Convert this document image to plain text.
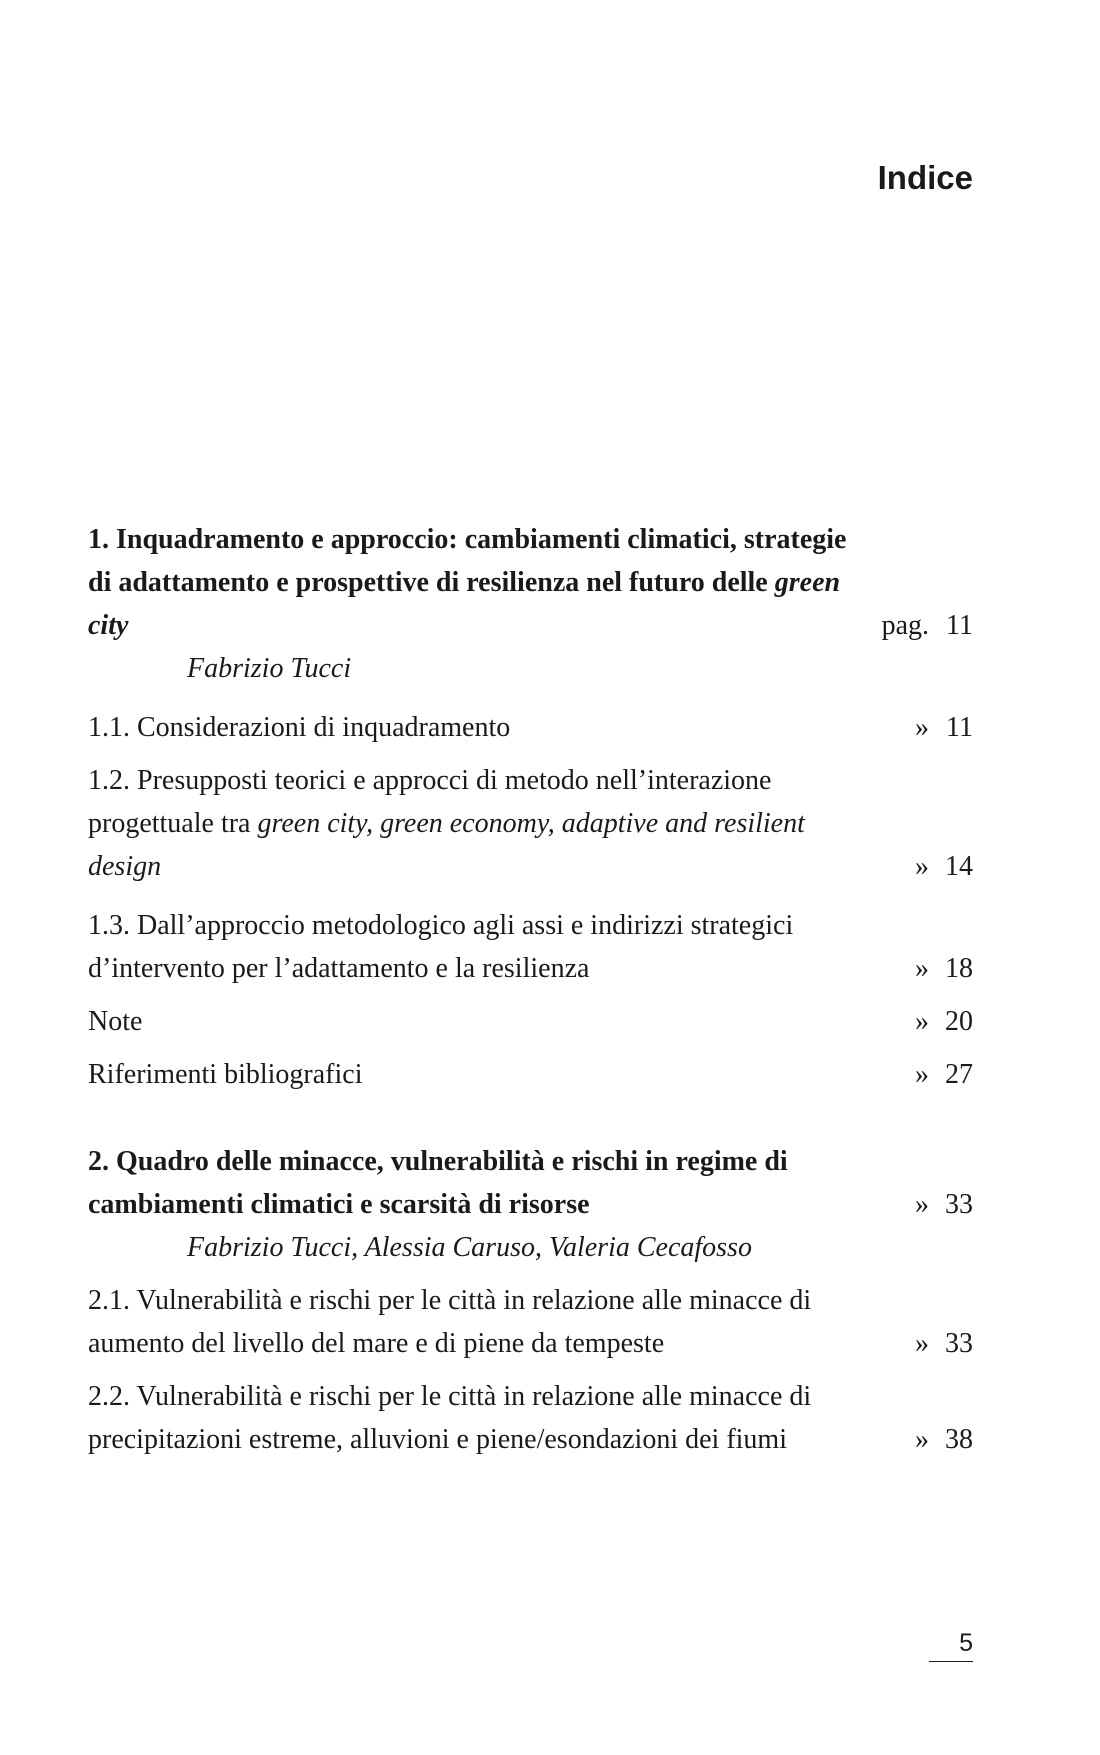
Indice
1. Inquadramento e approccio: cambiamenti climatici, strategie di adattamento e prospettive di resilienza nel futuro delle green city	pag. 11
Fabrizio Tucci
1.1. Considerazioni di inquadramento	» 11
1.2. Presupposti teorici e approcci di metodo nell’interazione progettuale tra green city, green economy, adaptive and resilient design	» 14
1.3. Dall’approccio metodologico agli assi e indirizzi strategici d’intervento per l’adattamento e la resilienza	» 18
Note	» 20
Riferimenti bibliografici	» 27
2. Quadro delle minacce, vulnerabilità e rischi in regime di cambiamenti climatici e scarsità di risorse	» 33
Fabrizio Tucci, Alessia Caruso, Valeria Cecafosso
2.1. Vulnerabilità e rischi per le città in relazione alle minacce di aumento del livello del mare e di piene da tempeste	» 33
2.2. Vulnerabilità e rischi per le città in relazione alle minacce di precipitazioni estreme, alluvioni e piene/esondazioni dei fiumi	» 38
5
